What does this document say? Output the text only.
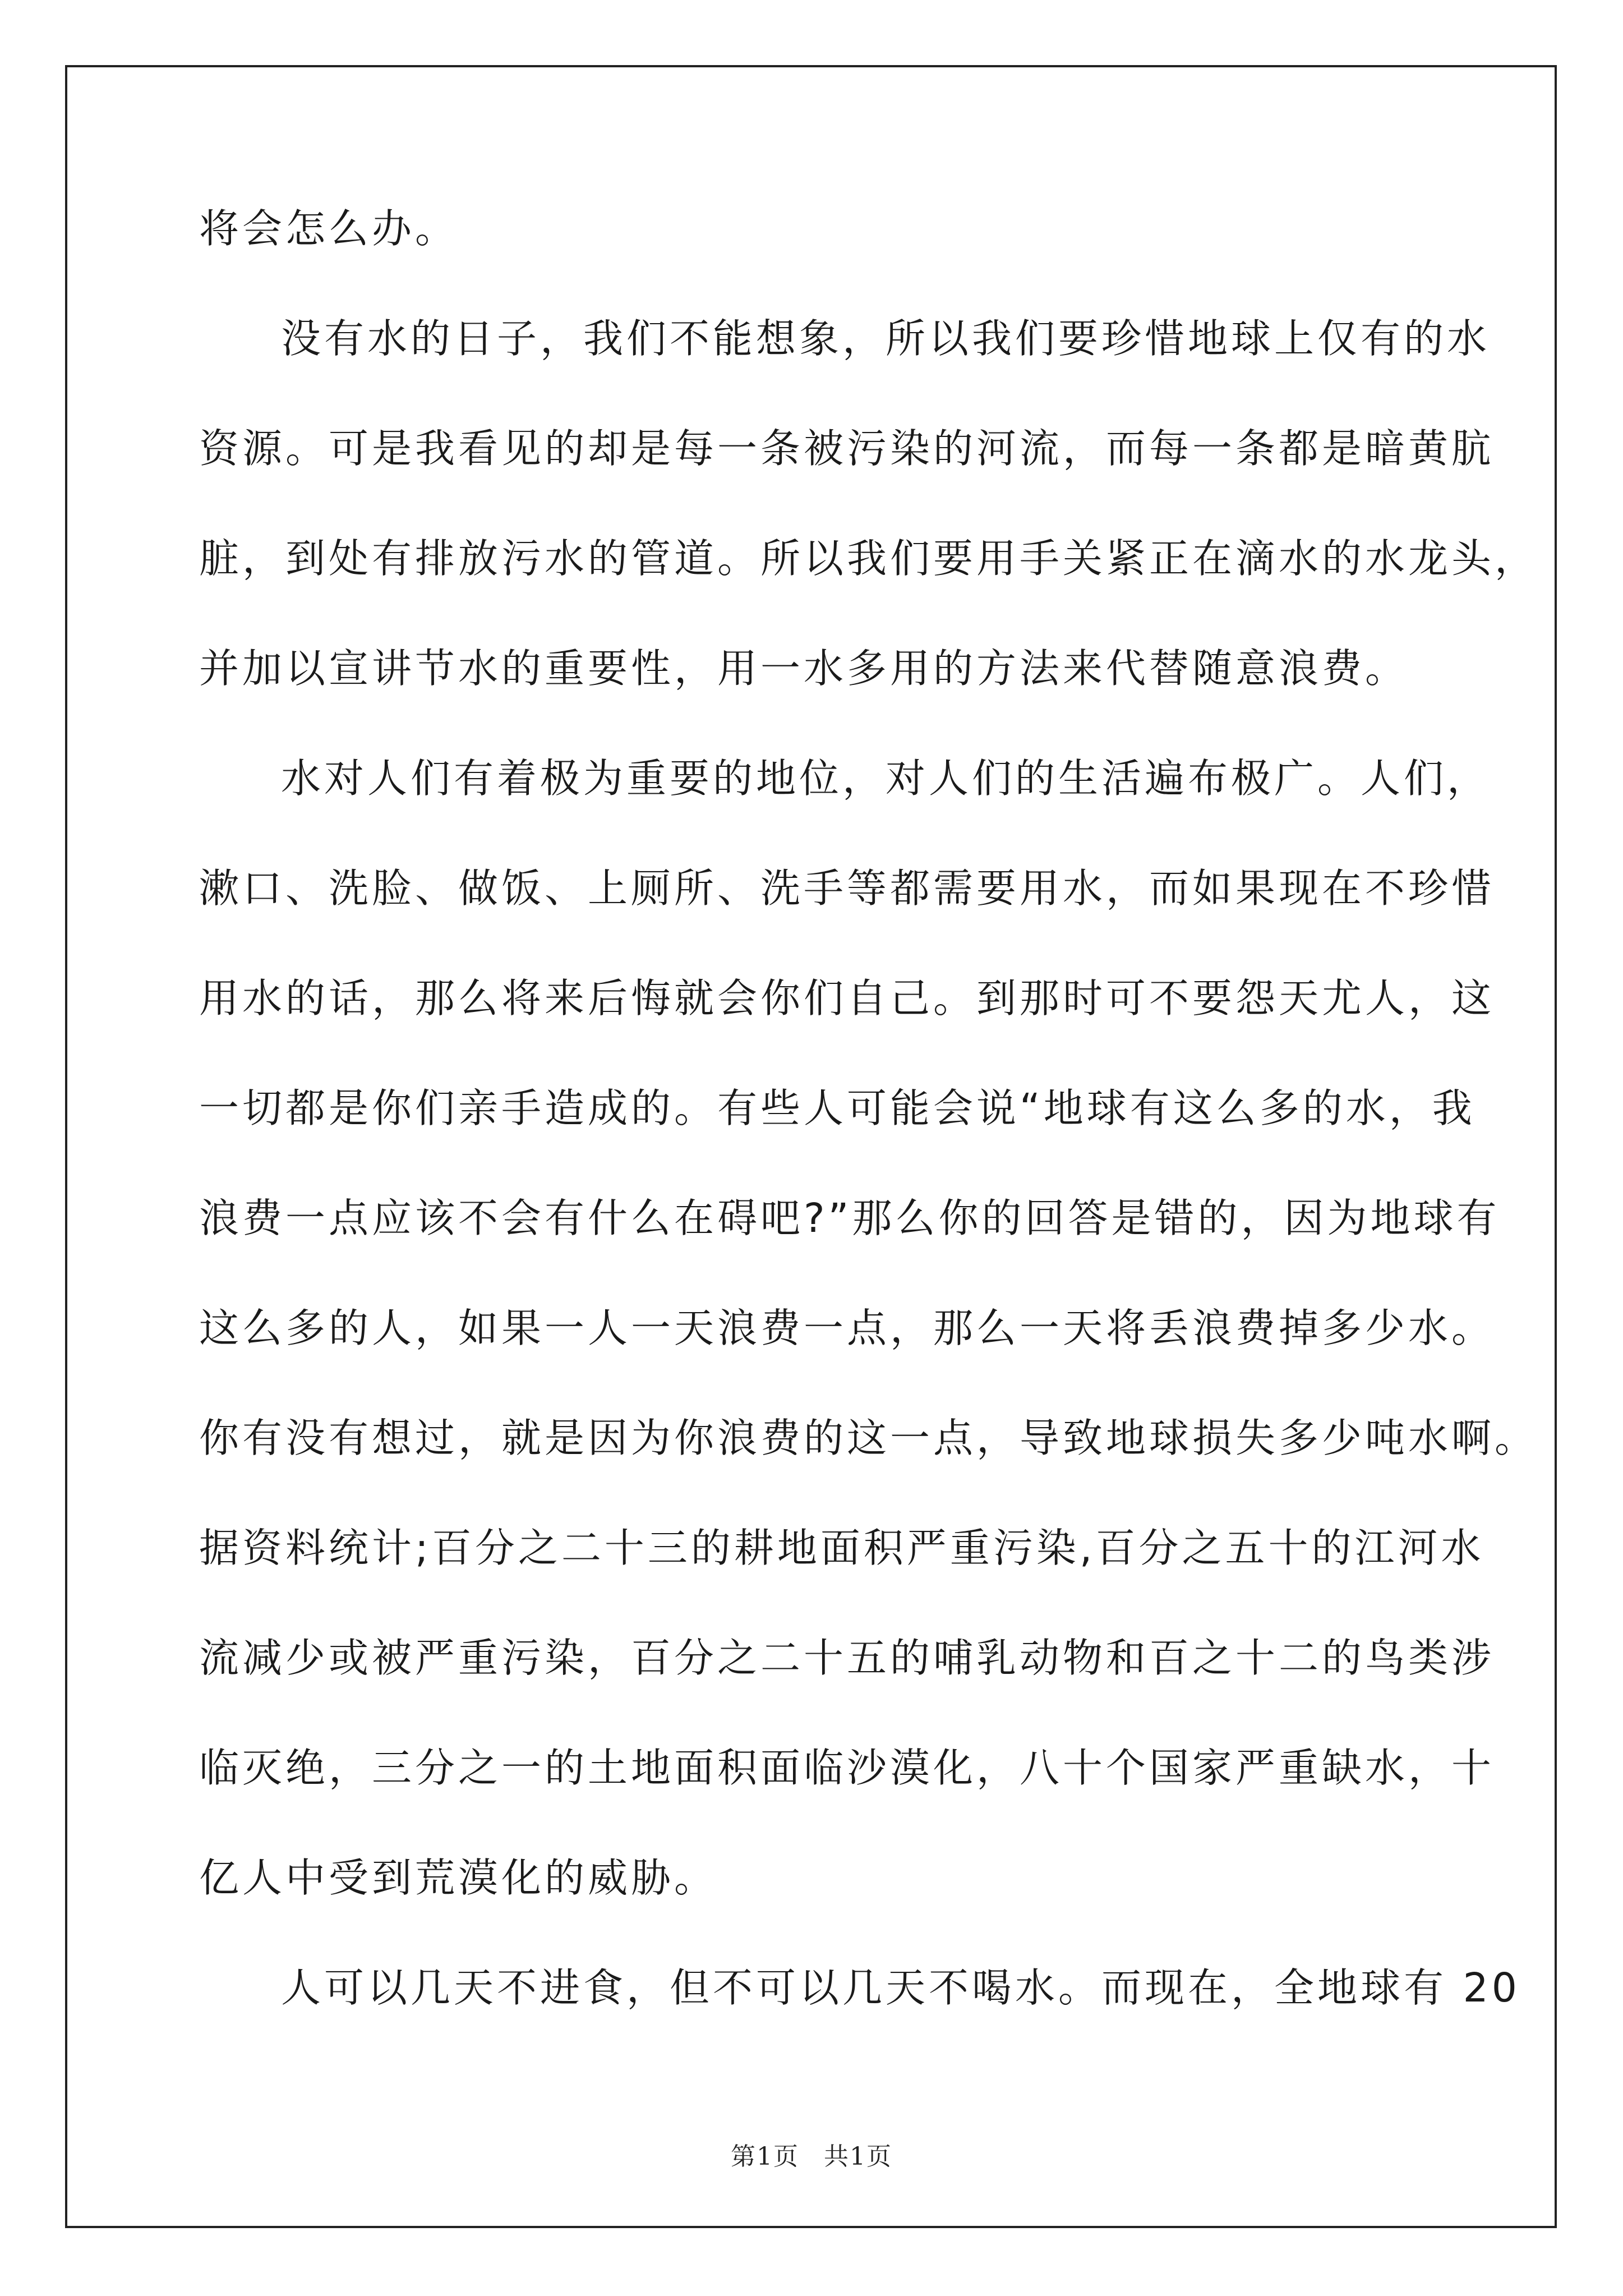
将会怎么办。
没有水的日子，我们不能想象，所以我们要珍惜地球上仅有的水
资源。可是我看见的却是每一条被污染的河流，而每一条都是暗黄肮
脏，到处有排放污水的管道。所以我们要用手关紧正在滴水的水龙头，
并加以宣讲节水的重要性，用一水多用的方法来代替随意浪费。
水对人们有着极为重要的地位，对人们的生活遍布极广。人们，
漱口、洗脸、做饭、上厕所、洗手等都需要用水，而如果现在不珍惜
用水的话，那么将来后悔就会你们自己。到那时可不要怨天尤人，这
一切都是你们亲手造成的。有些人可能会说“地球有这么多的水，我
浪费一点应该不会有什么在碍吧?”那么你的回答是错的，因为地球有
这么多的人，如果一人一天浪费一点，那么一天将丢浪费掉多少水。
你有没有想过，就是因为你浪费的这一点，导致地球损失多少吨水啊。
据资料统计;百分之二十三的耕地面积严重污染,百分之五十的江河水
流减少或被严重污染，百分之二十五的哺乳动物和百之十二的鸟类涉
临灭绝，三分之一的土地面积面临沙漠化，八十个国家严重缺水，十
亿人中受到荒漠化的威胁。
人可以几天不进食，但不可以几天不喝水。而现在，全地球有 20
第1页 共1页
